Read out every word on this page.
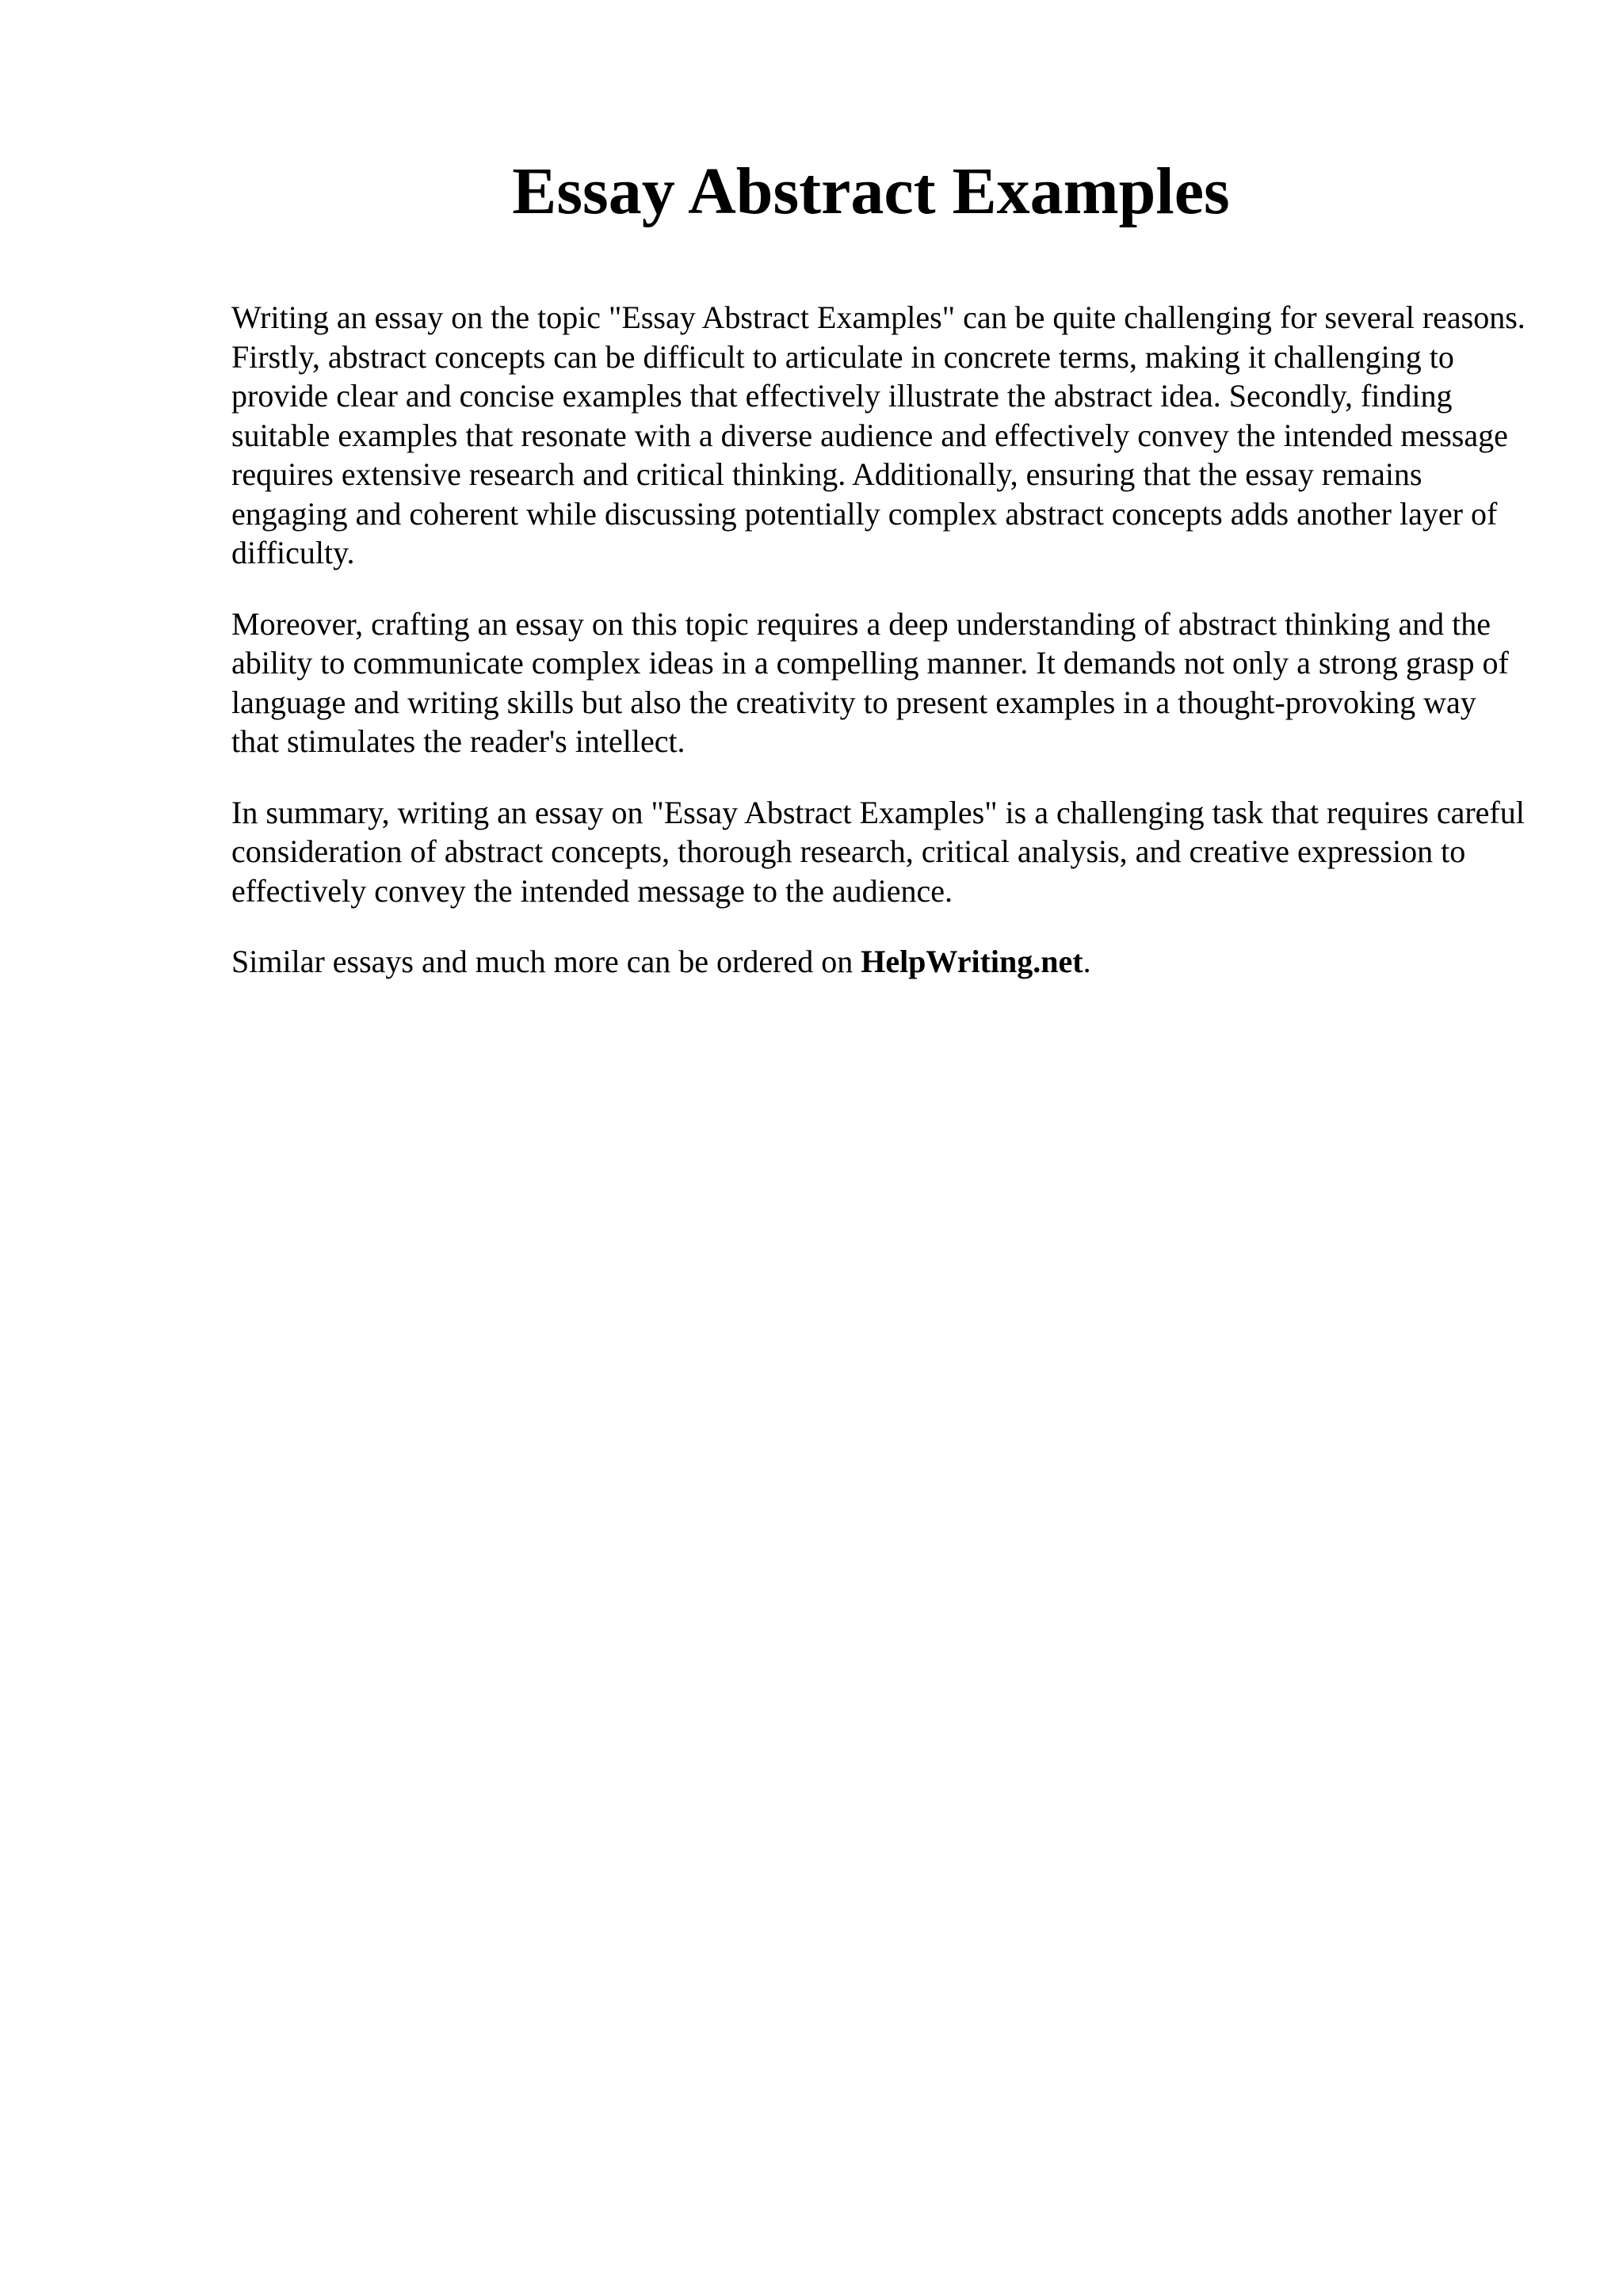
Essay Abstract Examples

Writing an essay on the topic "Essay Abstract Examples" can be quite challenging for several reasons. Firstly, abstract concepts can be difficult to articulate in concrete terms, making it challenging to provide clear and concise examples that effectively illustrate the abstract idea. Secondly, finding suitable examples that resonate with a diverse audience and effectively convey the intended message requires extensive research and critical thinking. Additionally, ensuring that the essay remains engaging and coherent while discussing potentially complex abstract concepts adds another layer of difficulty.

Moreover, crafting an essay on this topic requires a deep understanding of abstract thinking and the ability to communicate complex ideas in a compelling manner. It demands not only a strong grasp of language and writing skills but also the creativity to present examples in a thought-provoking way that stimulates the reader's intellect.

In summary, writing an essay on "Essay Abstract Examples" is a challenging task that requires careful consideration of abstract concepts, thorough research, critical analysis, and creative expression to effectively convey the intended message to the audience.

Similar essays and much more can be ordered on HelpWriting.net.
